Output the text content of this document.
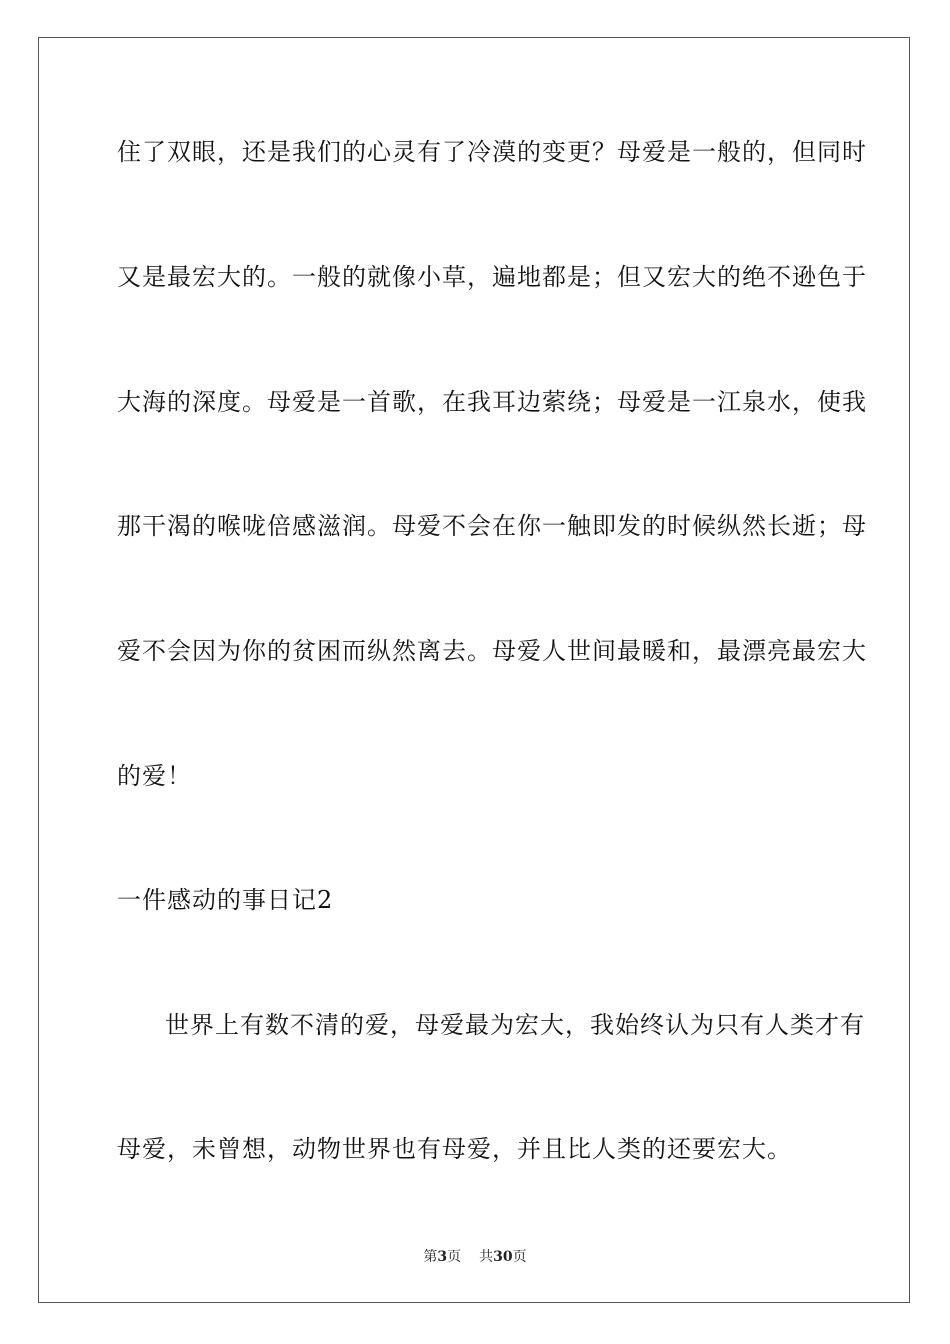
住了双眼，还是我们的心灵有了冷漠的变更？母爱是一般的，但同时
又是最宏大的。一般的就像小草，遍地都是；但又宏大的绝不逊色于
大海的深度。母爱是一首歌，在我耳边萦绕；母爱是一江泉水，使我
那干渴的喉咙倍感滋润。母爱不会在你一触即发的时候纵然长逝；母
爱不会因为你的贫困而纵然离去。母爱人世间最暖和，最漂亮最宏大
的爱！
一件感动的事日记2
世界上有数不清的爱，母爱最为宏大，我始终认为只有人类才有
母爱，未曾想，动物世界也有母爱，并且比人类的还要宏大。
第3页 共30页
